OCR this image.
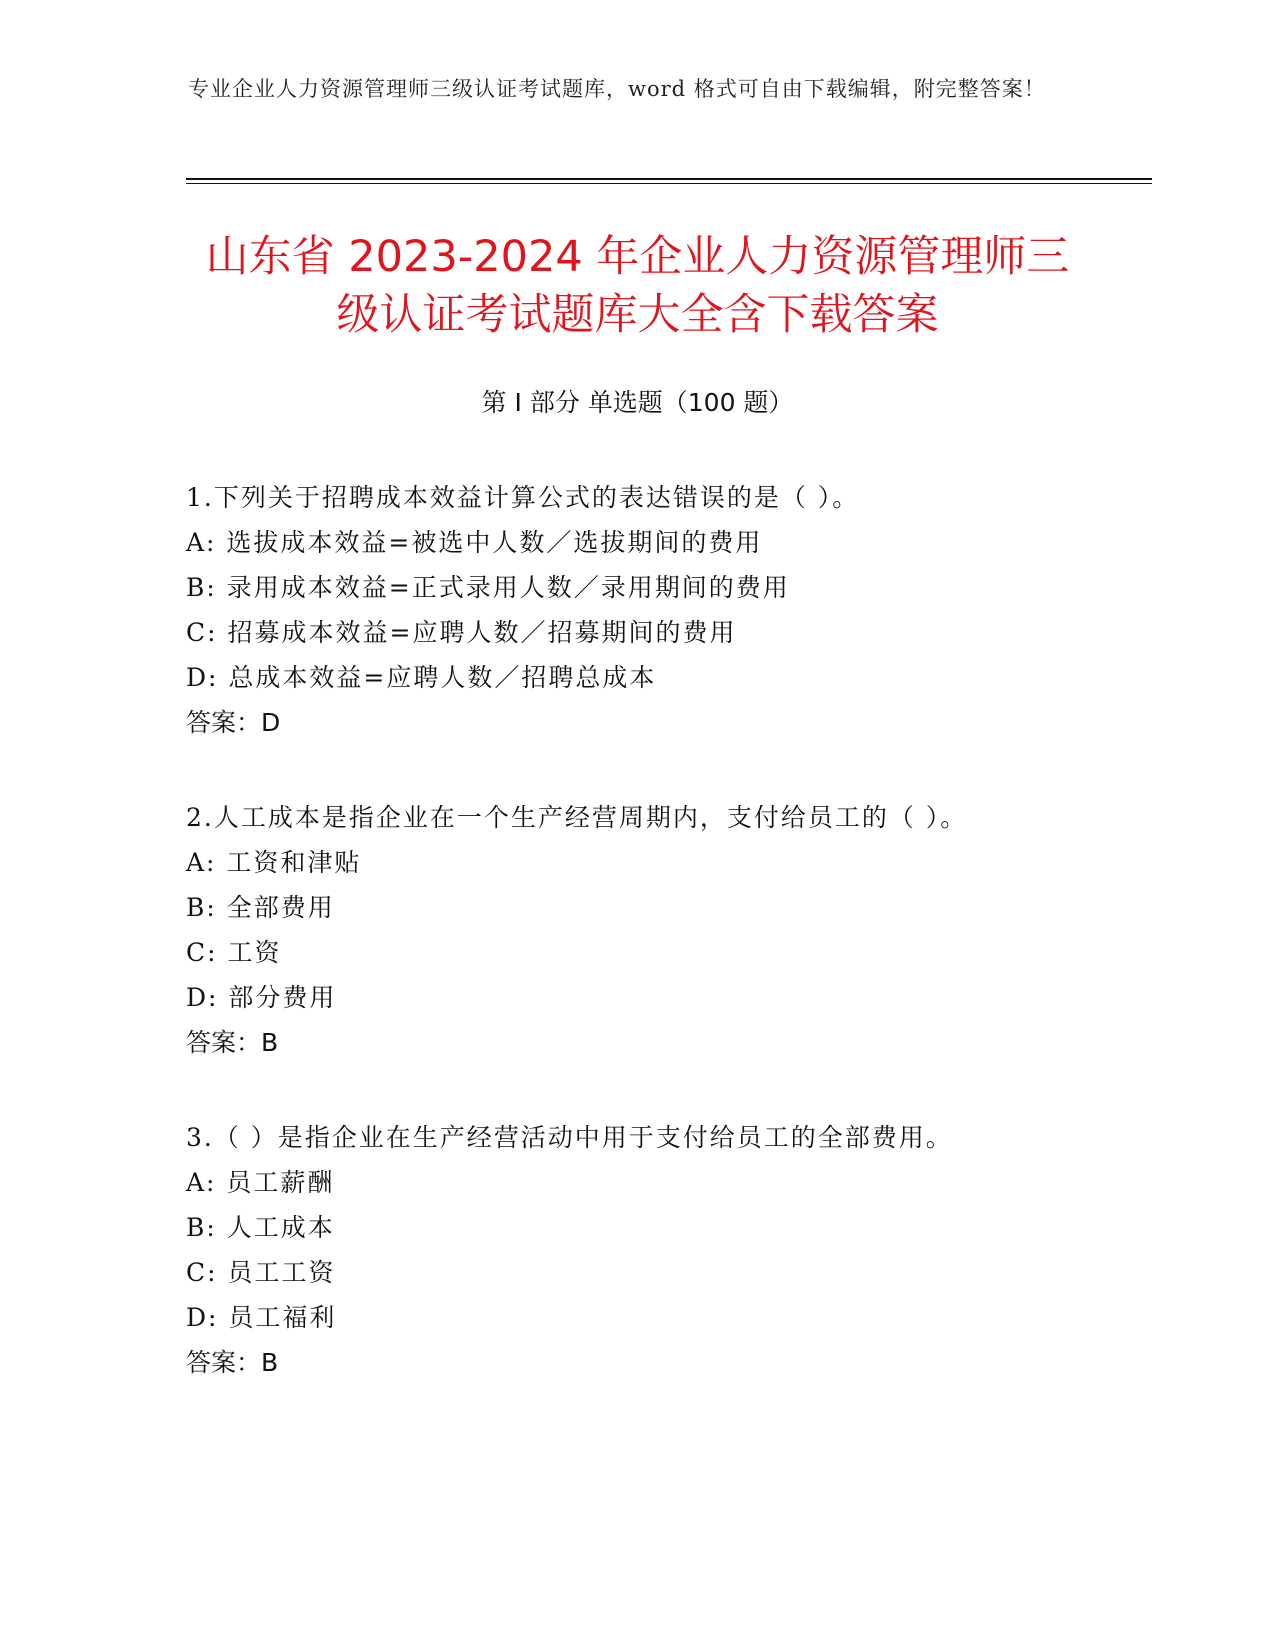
专业企业人力资源管理师三级认证考试题库，word 格式可自由下载编辑，附完整答案！
山东省 2023-2024 年企业人力资源管理师三
级认证考试题库大全含下载答案
第 I 部分 单选题（100 题）
1.下列关于招聘成本效益计算公式的表达错误的是（ ）。
A: 选拔成本效益=被选中人数／选拔期间的费用
B: 录用成本效益=正式录用人数／录用期间的费用
C: 招募成本效益=应聘人数／招募期间的费用
D: 总成本效益=应聘人数／招聘总成本
答案：D
2.人工成本是指企业在一个生产经营周期内，支付给员工的（ ）。
A: 工资和津贴
B: 全部费用
C: 工资
D: 部分费用
答案：B
3.（ ）是指企业在生产经营活动中用于支付给员工的全部费用。
A: 员工薪酬
B: 人工成本
C: 员工工资
D: 员工福利
答案：B
